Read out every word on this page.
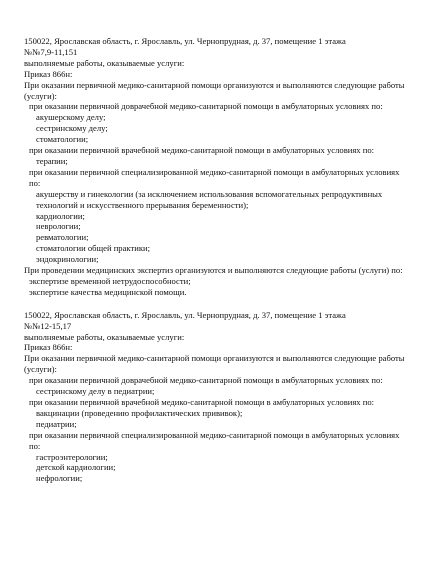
150022, Ярославская область, г. Ярославль, ул. Чернопрудная, д. 37, помещение 1 этажа
№№7,9-11,151
выполняемые работы, оказываемые услуги:
Приказ 866н:
При оказании первичной медико-санитарной помощи организуются и выполняются следующие работы (услуги):
при оказании первичной доврачебной медико-санитарной помощи в амбулаторных условиях по:
акушерскому делу;
сестринскому делу;
стоматологии;
при оказании первичной врачебной медико-санитарной помощи в амбулаторных условиях по:
терапии;
при оказании первичной специализированной медико-санитарной помощи в амбулаторных условиях по:
акушерству и гинекологии (за исключением использования вспомогательных репродуктивных технологий и искусственного прерывания беременности);
кардиологии;
неврологии;
ревматологии;
стоматологии общей практики;
эндокринологии;
При проведении медицинских экспертиз организуются и выполняются следующие работы (услуги) по:
экспертизе временной нетрудоспособности;
экспертизе качества медицинской помощи.
150022, Ярославская область, г. Ярославль, ул. Чернопрудная, д. 37, помещение 1 этажа
№№12-15,17
выполняемые работы, оказываемые услуги:
Приказ 866н:
При оказании первичной медико-санитарной помощи организуются и выполняются следующие работы (услуги):
при оказании первичной доврачебной медико-санитарной помощи в амбулаторных условиях по:
сестринскому делу в педиатрии;
при оказании первичной врачебной медико-санитарной помощи в амбулаторных условиях по:
вакцинации (проведению профилактических прививок);
педиатрии;
при оказании первичной специализированной медико-санитарной помощи в амбулаторных условиях по:
гастроэнтерологии;
детской кардиологии;
нефрологии;
